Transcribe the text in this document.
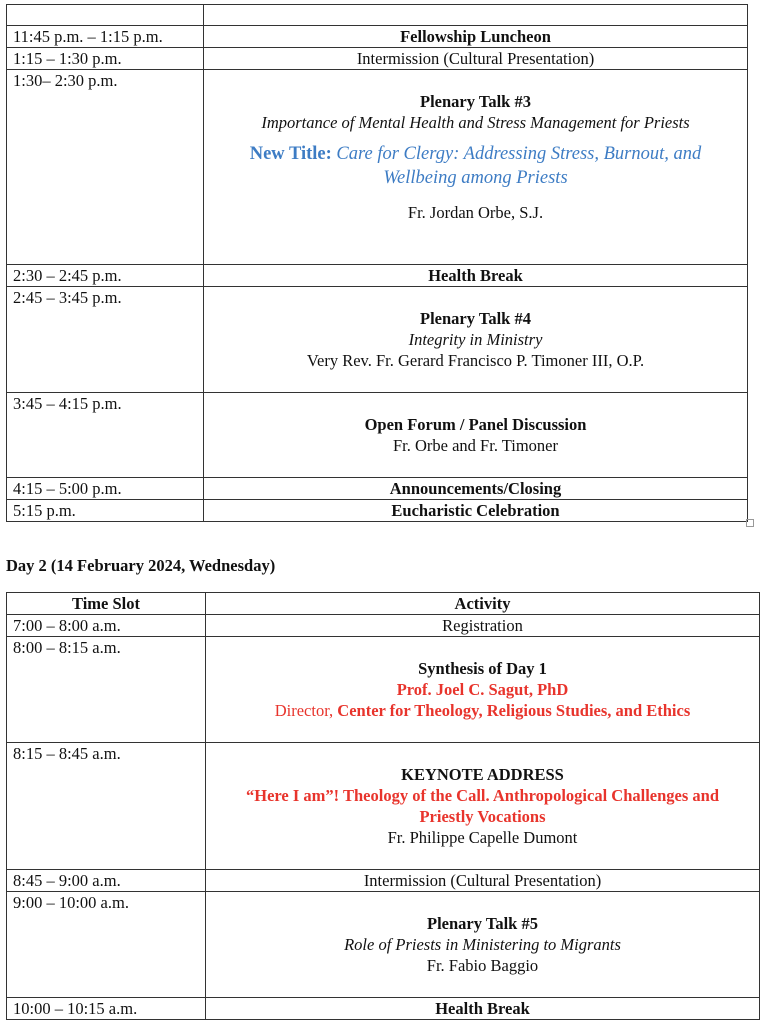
11:45 p.m. – 1:15 p.m.	Fellowship Luncheon
1:15 – 1:30 p.m.	Intermission (Cultural Presentation)
1:30– 2:30 p.m.	Plenary Talk #3
Importance of Mental Health and Stress Management for Priests
New Title: Care for Clergy: Addressing Stress, Burnout, and Wellbeing among Priests
Fr. Jordan Orbe, S.J.

2:30 – 2:45 p.m.	Health Break
2:45 – 3:45 p.m.	Plenary Talk #4
Integrity in Ministry
Very Rev. Fr. Gerard Francisco P. Timoner III, O.P.

3:45 – 4:15 p.m.	Open Forum / Panel Discussion
Fr. Orbe and Fr. Timoner

4:15 – 5:00 p.m.	Announcements/Closing
5:15 p.m.	Eucharistic Celebration
Day 2 (14 February 2024, Wednesday)
Time Slot	Activity
7:00 – 8:00 a.m.	Registration
8:00 – 8:15 a.m.	Synthesis of Day 1
Prof. Joel C. Sagut, PhD
Director, Center for Theology, Religious Studies, and Ethics

8:15 – 8:45 a.m.	KEYNOTE ADDRESS
“Here I am”! Theology of the Call. Anthropological Challenges and Priestly Vocations
Fr. Philippe Capelle Dumont

8:45 – 9:00 a.m.	Intermission (Cultural Presentation)
9:00 – 10:00 a.m.	Plenary Talk #5
Role of Priests in Ministering to Migrants
Fr. Fabio Baggio

10:00 – 10:15 a.m.	Health Break
